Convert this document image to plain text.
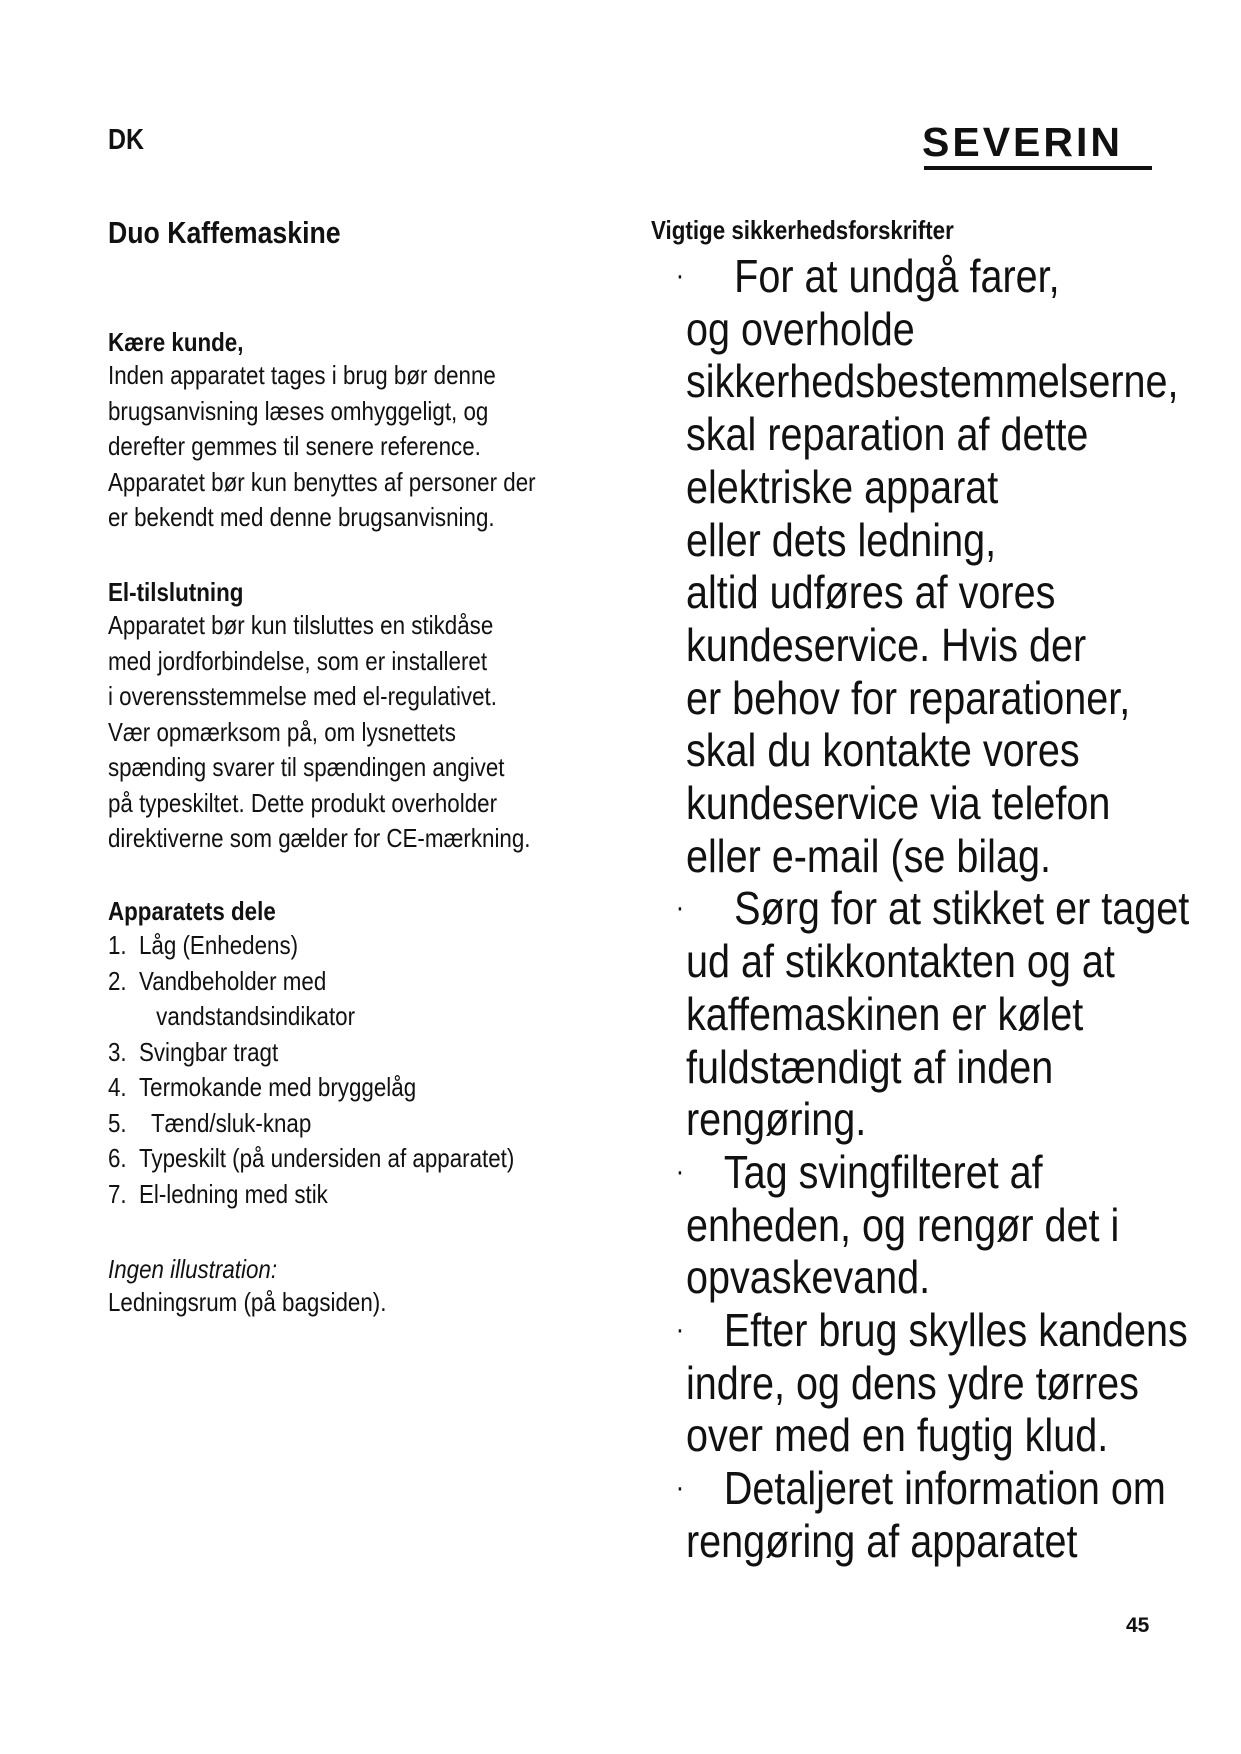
DK	SEVERIN
Duo Kaffemaskine
Kære kunde,
Inden apparatet tages i brug bør denne
brugsanvisning læses omhyggeligt, og
derefter gemmes til senere reference.
Apparatet bør kun benyttes af personer der
er bekendt med denne brugsanvisning.
El-tilslutning
Apparatet bør kun tilsluttes en stikdåse
med jordforbindelse, som er installeret
i overensstemmelse med el-regulativet.
Vær opmærksom på, om lysnettets
spænding svarer til spændingen angivet
på typeskiltet. Dette produkt overholder
direktiverne som gælder for CE-mærkning.
Apparatets dele
1. Låg (Enhedens)
2. Vandbeholder med
vandstandsindikator
3. Svingbar tragt
4. Termokande med bryggelåg
5.  Tænd/sluk-knap
6. Typeskilt (på undersiden af apparatet)
7. El-ledning med stik
Ingen illustration:
Ledningsrum (på bagsiden).
Vigtige sikkerhedsforskrifter
· For at undgå farer,
og overholde
sikkerhedsbestemmelserne,
skal reparation af dette
elektriske apparat
eller dets ledning,
altid udføres af vores
kundeservice. Hvis der
er behov for reparationer,
skal du kontakte vores
kundeservice via telefon
eller e-mail (se bilag.
· Sørg for at stikket er taget
ud af stikkontakten og at
kaffemaskinen er kølet
fuldstændigt af inden
rengøring.
· Tag svingfilteret af
enheden, og rengør det i
opvaskevand.
· Efter brug skylles kandens
indre, og dens ydre tørres
over med en fugtig klud.
· Detaljeret information om
rengøring af apparatet
45
